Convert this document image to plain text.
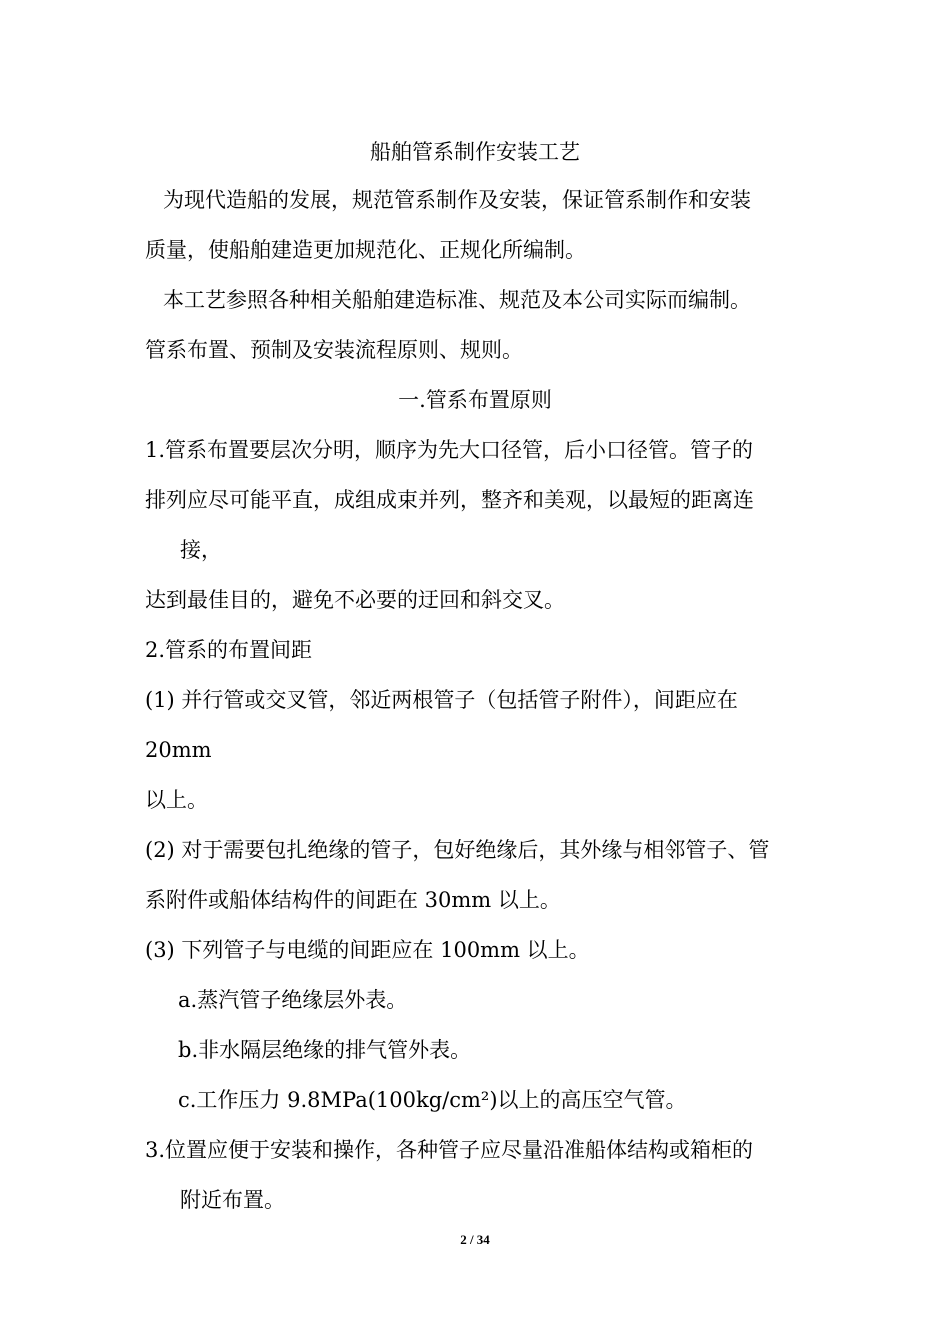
船舶管系制作安装工艺
为现代造船的发展，规范管系制作及安装，保证管系制作和安装
质量，使船舶建造更加规范化、正规化所编制。
本工艺参照各种相关船舶建造标准、规范及本公司实际而编制。
管系布置、预制及安装流程原则、规则。
一.管系布置原则
1.管系布置要层次分明，顺序为先大口径管，后小口径管。管子的
排列应尽可能平直，成组成束并列，整齐和美观，以最短的距离连
接，
达到最佳目的，避免不必要的迂回和斜交叉。
2.管系的布置间距
(1) 并行管或交叉管，邻近两根管子（包括管子附件），间距应在
20mm
以上。
(2) 对于需要包扎绝缘的管子，包好绝缘后，其外缘与相邻管子、管
系附件或船体结构件的间距在 30mm 以上。
(3) 下列管子与电缆的间距应在 100mm 以上。
a.蒸汽管子绝缘层外表。
b.非水隔层绝缘的排气管外表。
c.工作压力 9.8MPa(100kg/cm²)以上的高压空气管。
3.位置应便于安装和操作，各种管子应尽量沿准船体结构或箱柜的
附近布置。
2 / 34
